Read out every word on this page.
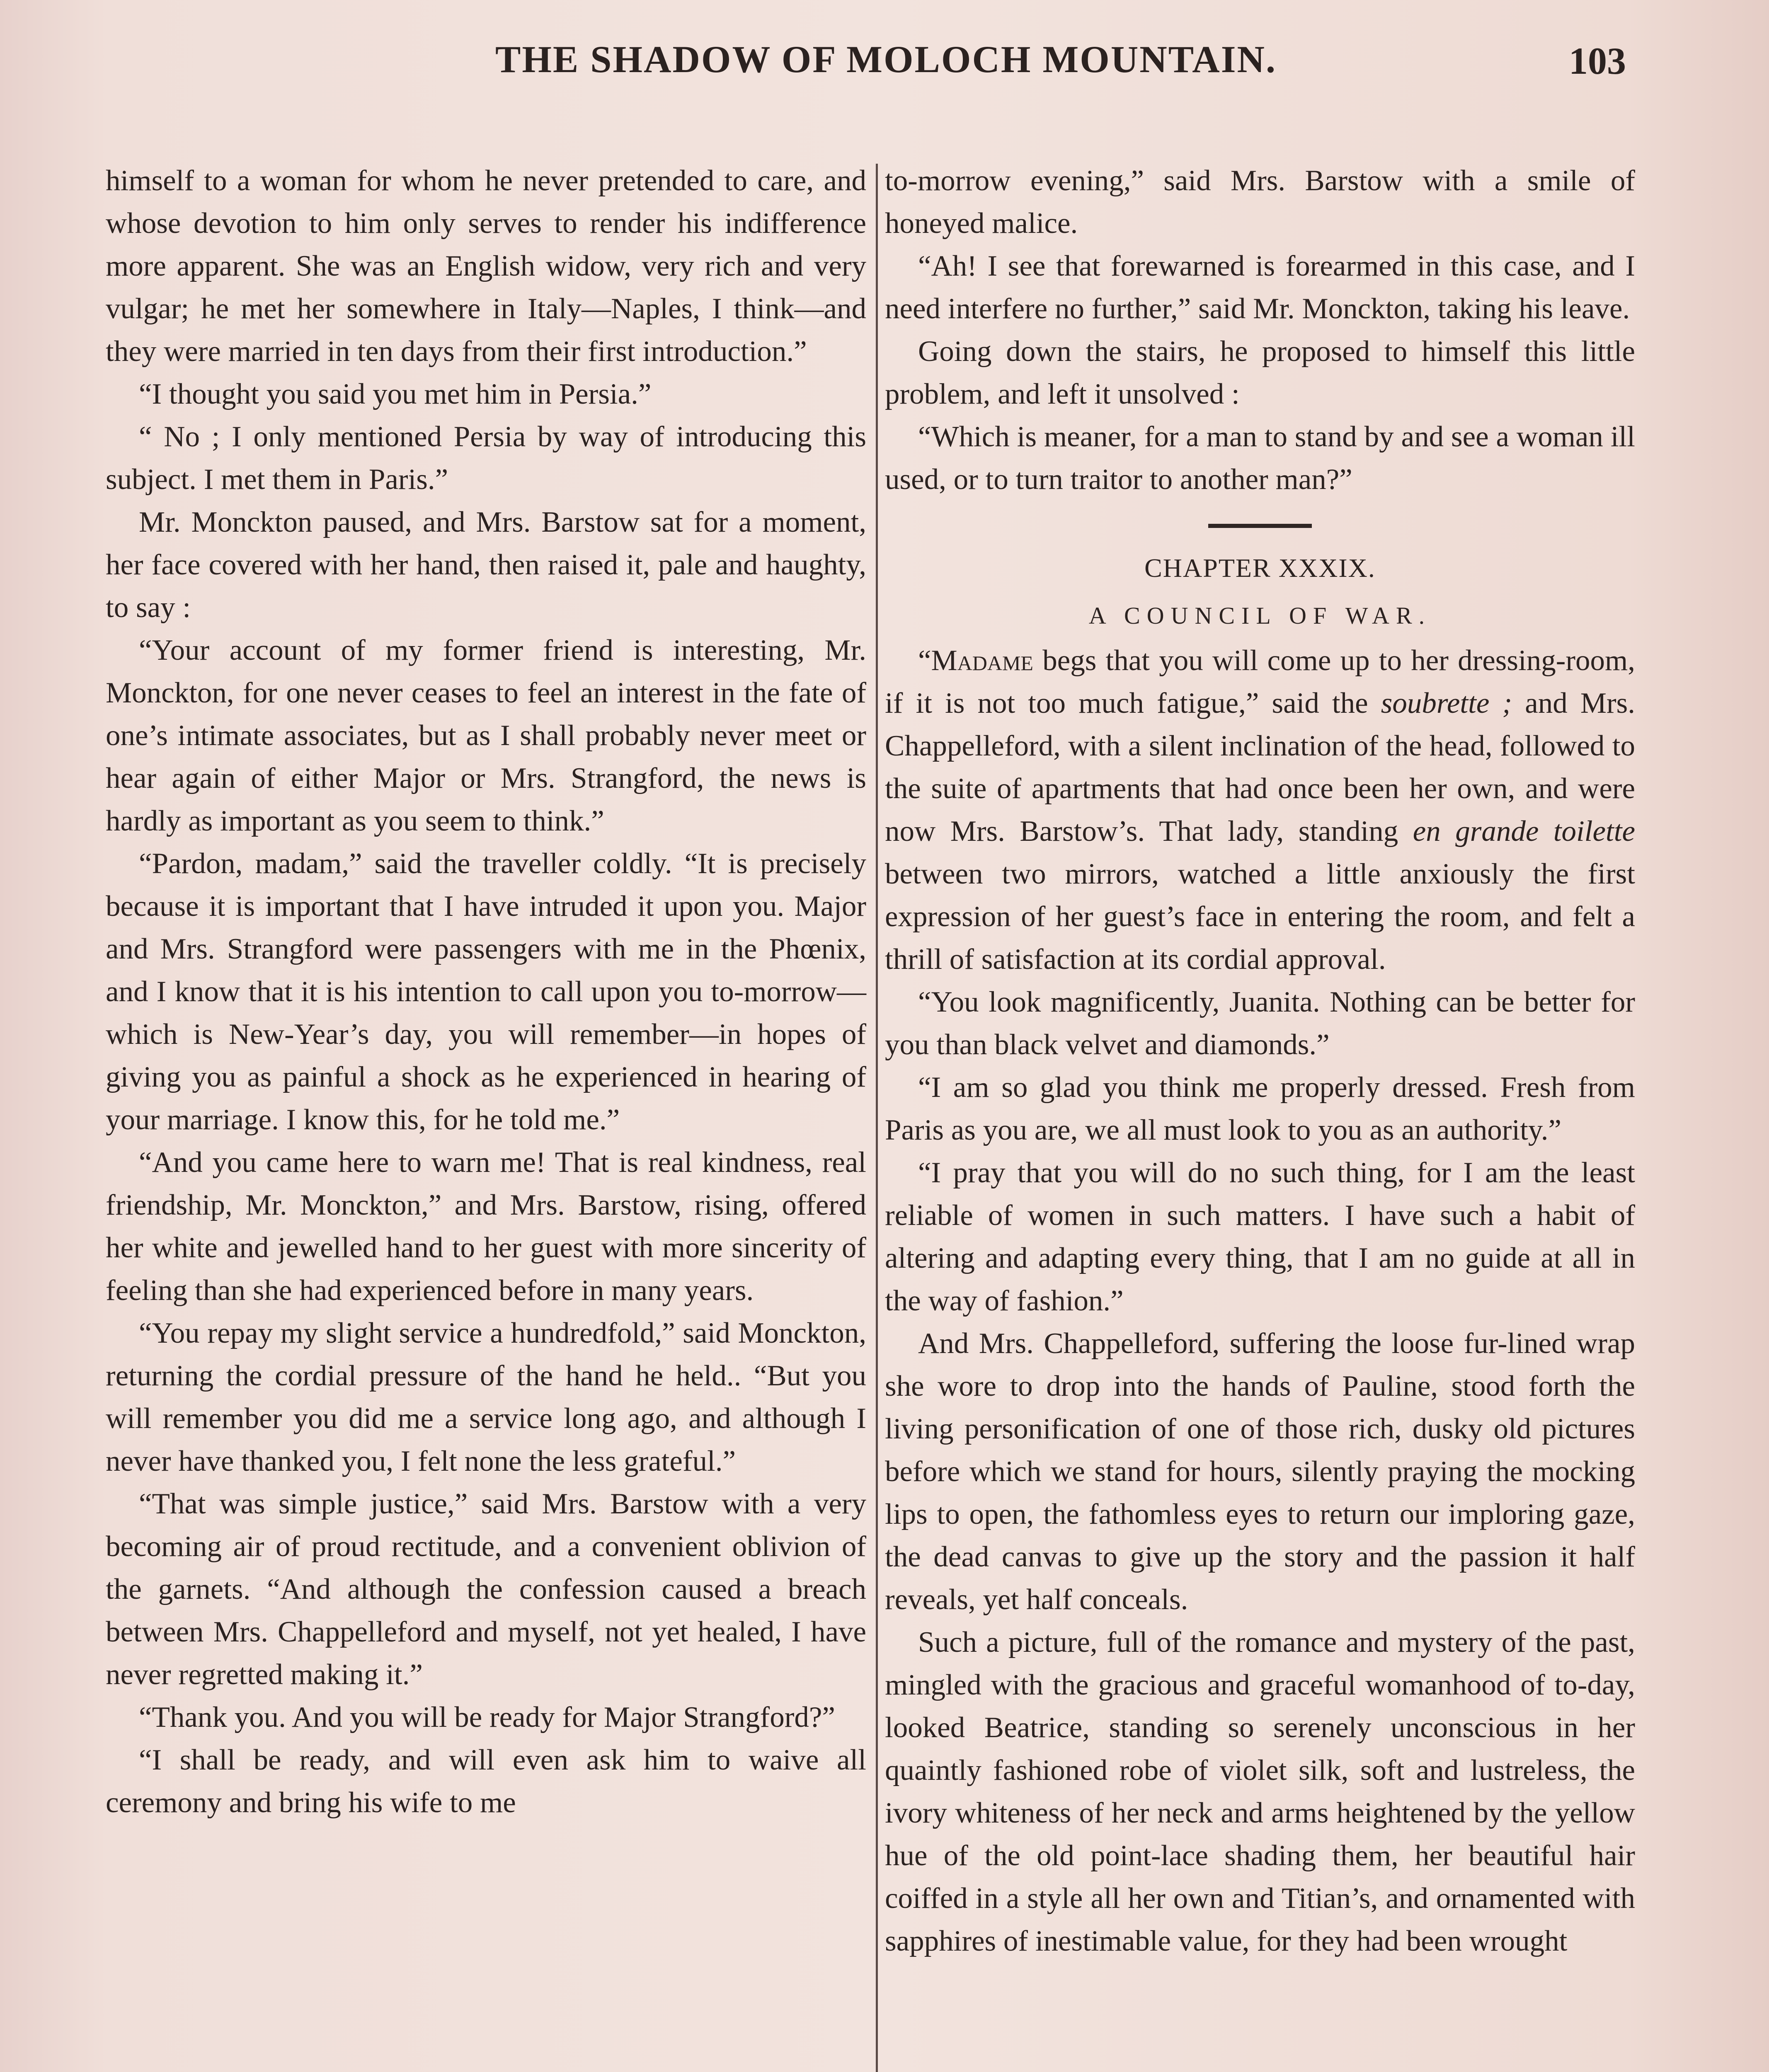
THE SHADOW OF MOLOCH MOUNTAIN.	103

himself to a woman for whom he never pretended to care, and whose devotion to him only serves to render his indifference more apparent. She was an English widow, very rich and very vulgar; he met her somewhere in Italy—Naples, I think—and they were married in ten days from their first introduction.”

“I thought you said you met him in Persia.”

“ No ; I only mentioned Persia by way of introducing this subject. I met them in Paris.”

Mr. Monckton paused, and Mrs. Barstow sat for a moment, her face covered with her hand, then raised it, pale and haughty, to say :

“Your account of my former friend is interesting, Mr. Monckton, for one never ceases to feel an interest in the fate of one’s intimate associates, but as I shall probably never meet or hear again of either Major or Mrs. Strangford, the news is hardly as important as you seem to think.”

“Pardon, madam,” said the traveller coldly. “It is precisely because it is important that I have intruded it upon you. Major and Mrs. Strangford were passengers with me in the Phœnix, and I know that it is his intention to call upon you to-morrow—which is New-Year’s day, you will remember—in hopes of giving you as painful a shock as he experienced in hearing of your marriage. I know this, for he told me.”

“And you came here to warn me! That is real kindness, real friendship, Mr. Monckton,” and Mrs. Barstow, rising, offered her white and jewelled hand to her guest with more sincerity of feeling than she had experienced before in many years.

“You repay my slight service a hundredfold,” said Monckton, returning the cordial pressure of the hand he held.. “But you will remember you did me a service long ago, and although I never have thanked you, I felt none the less grateful.”

“That was simple justice,” said Mrs. Barstow with a very becoming air of proud rectitude, and a convenient oblivion of the garnets. “And although the confession caused a breach between Mrs. Chappelleford and myself, not yet healed, I have never regretted making it.”

“Thank you. And you will be ready for Major Strangford?”

“I shall be ready, and will even ask him to waive all ceremony and bring his wife to me

to-morrow evening,” said Mrs. Barstow with a smile of honeyed malice.

“Ah! I see that forewarned is forearmed in this case, and I need interfere no further,” said Mr. Monckton, taking his leave.

Going down the stairs, he proposed to himself this little problem, and left it unsolved :

“Which is meaner, for a man to stand by and see a woman ill used, or to turn traitor to another man?”

CHAPTER XXXIX.
A COUNCIL OF WAR.

“Madame begs that you will come up to her dressing-room, if it is not too much fatigue,” said the soubrette ; and Mrs. Chappelleford, with a silent inclination of the head, followed to the suite of apartments that had once been her own, and were now Mrs. Barstow’s. That lady, standing en grande toilette between two mirrors, watched a little anxiously the first expression of her guest’s face in entering the room, and felt a thrill of satisfaction at its cordial approval.

“You look magnificently, Juanita. Nothing can be better for you than black velvet and diamonds.”

“I am so glad you think me properly dressed. Fresh from Paris as you are, we all must look to you as an authority.”

“I pray that you will do no such thing, for I am the least reliable of women in such matters. I have such a habit of altering and adapting every thing, that I am no guide at all in the way of fashion.”

And Mrs. Chappelleford, suffering the loose fur-lined wrap she wore to drop into the hands of Pauline, stood forth the living personification of one of those rich, dusky old pictures before which we stand for hours, silently praying the mocking lips to open, the fathomless eyes to return our imploring gaze, the dead canvas to give up the story and the passion it half reveals, yet half conceals.

Such a picture, full of the romance and mystery of the past, mingled with the gracious and graceful womanhood of to-day, looked Beatrice, standing so serenely unconscious in her quaintly fashioned robe of violet silk, soft and lustreless, the ivory whiteness of her neck and arms heightened by the yellow hue of the old point-lace shading them, her beautiful hair coiffed in a style all her own and Titian’s, and ornamented with sapphires of inestimable value, for they had been wrought
